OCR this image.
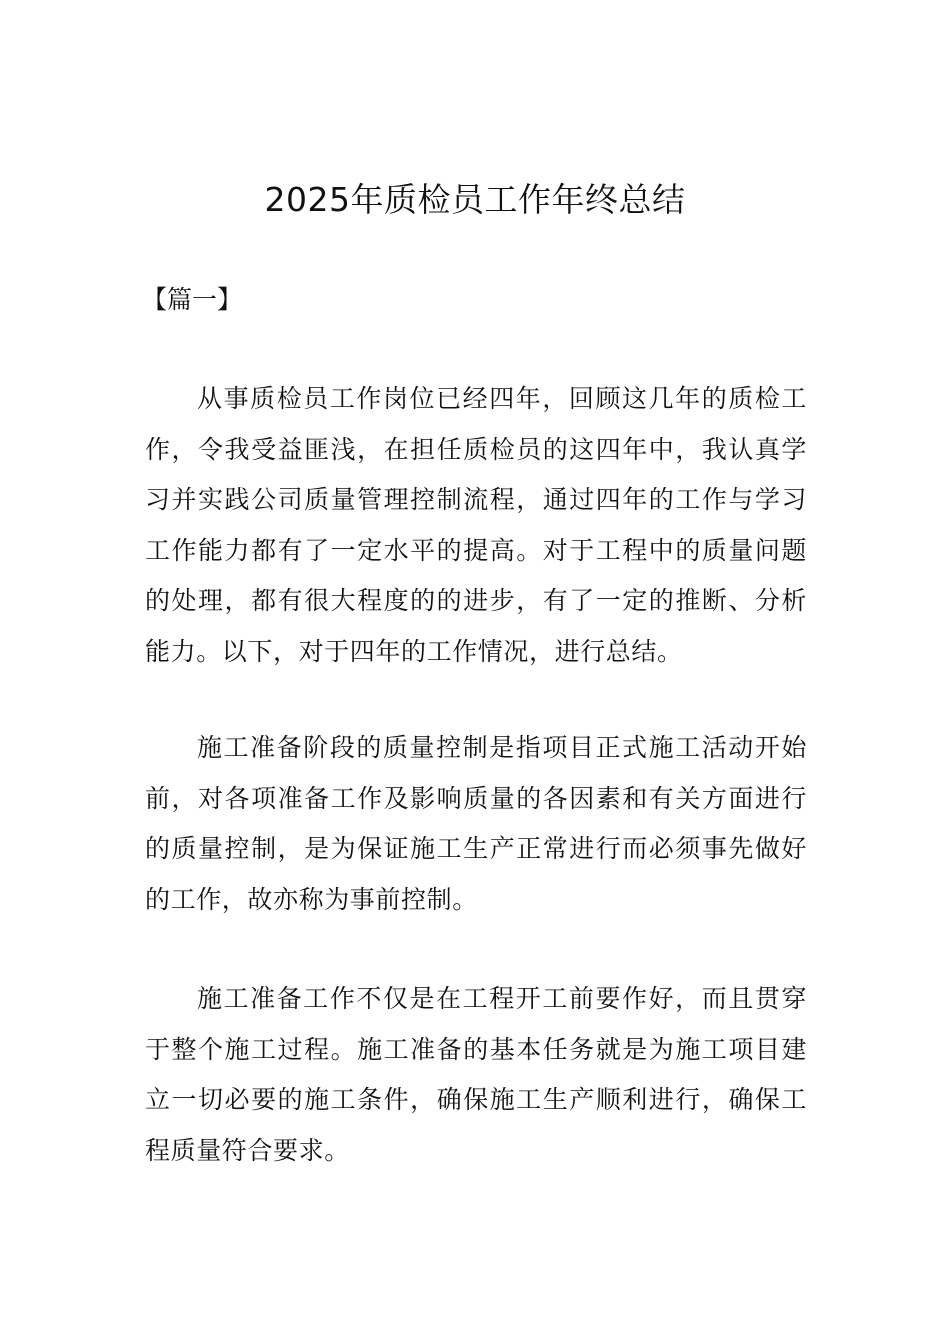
2025年质检员工作年终总结

【篇一】

从事质检员工作岗位已经四年，回顾这几年的质检工作，令我受益匪浅，在担任质检员的这四年中，我认真学习并实践公司质量管理控制流程，通过四年的工作与学习工作能力都有了一定水平的提高。对于工程中的质量问题的处理，都有很大程度的的进步，有了一定的推断、分析能力。以下，对于四年的工作情况，进行总结。

施工准备阶段的质量控制是指项目正式施工活动开始前，对各项准备工作及影响质量的各因素和有关方面进行的质量控制，是为保证施工生产正常进行而必须事先做好的工作，故亦称为事前控制。

施工准备工作不仅是在工程开工前要作好，而且贯穿于整个施工过程。施工准备的基本任务就是为施工项目建立一切必要的施工条件，确保施工生产顺利进行，确保工程质量符合要求。
